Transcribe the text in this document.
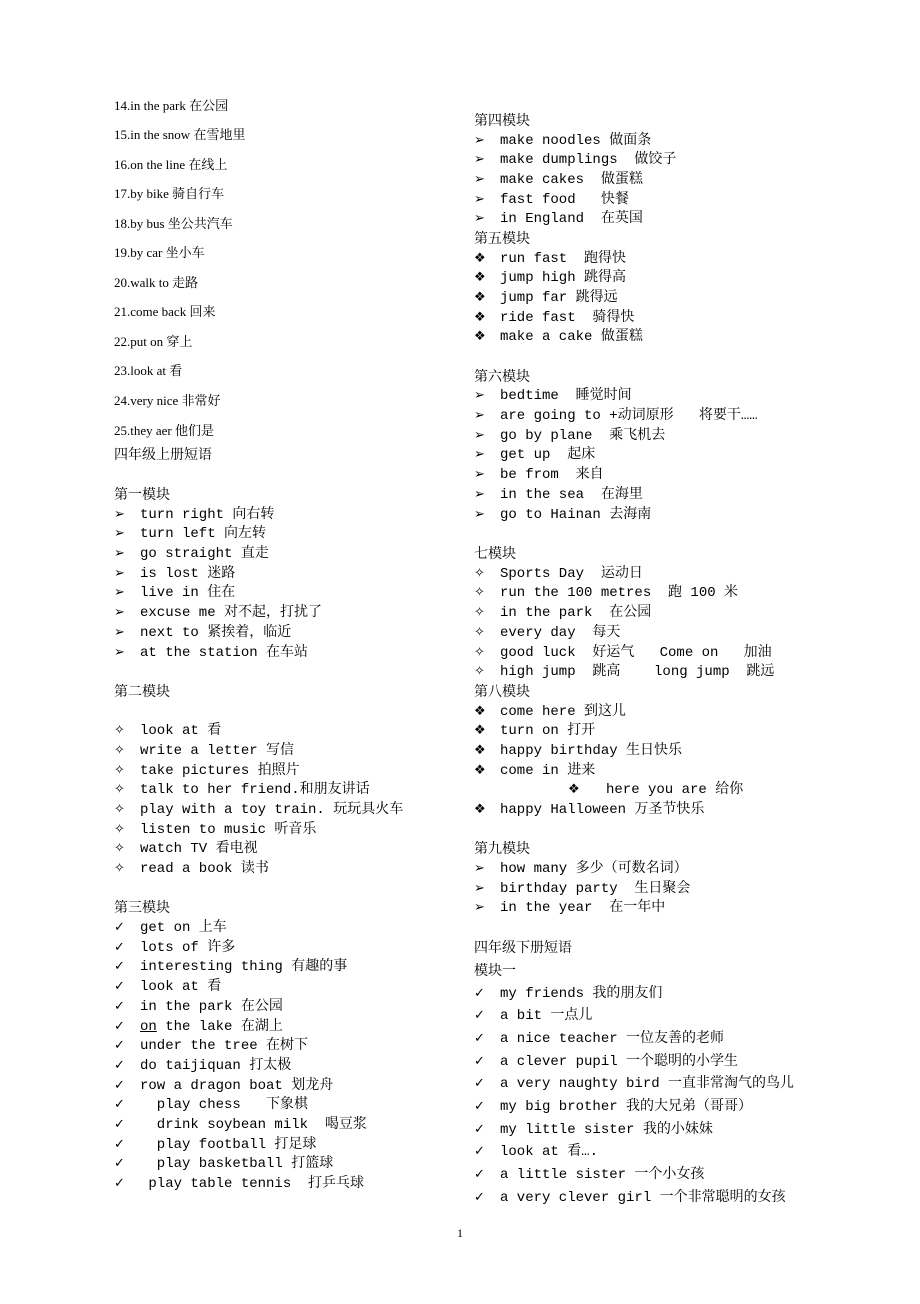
14.in the park 在公园
15.in the snow 在雪地里
16.on the line 在线上
17.by bike 骑自行车
18.by bus 坐公共汽车
19.by car 坐小车
20.walk to 走路
21.come back 回来
22.put on 穿上
23.look at 看
24.very nice 非常好
25.they aer 他们是
四年级上册短语
第一模块
➢ turn right 向右转
➢ turn left 向左转
➢ go straight 直走
➢ is lost 迷路
➢ live in 住在
➢ excuse me 对不起，打扰了
➢ next to 紧挨着，临近
➢ at the station 在车站
第二模块
✧ look at 看
✧ write a letter 写信
✧ take pictures 拍照片
✧ talk to her friend.和朋友讲话
✧ play with a toy train. 玩玩具火车
✧ listen to music 听音乐
✧ watch TV 看电视
✧ read a book 读书
第三模块
✓ get on 上车
✓ lots of 许多
✓ interesting thing 有趣的事
✓ look at 看
✓ in the park 在公园
✓ on the lake 在湖上
✓ under the tree 在树下
✓ do taijiquan 打太极
✓ row a dragon boat 划龙舟
✓  play chess   下象棋
✓  drink soybean milk  喝豆浆
✓  play football 打足球
✓  play basketball 打篮球
✓ play table tennis  打乒乓球
第四模块
➢ make noodles 做面条
➢ make dumplings  做饺子
➢ make cakes  做蛋糕
➢ fast food   快餐
➢ in England  在英国
第五模块
❖ run fast  跑得快
❖ jump high 跳得高
❖ jump far 跳得远
❖ ride fast  骑得快
❖ make a cake 做蛋糕
第六模块
➢ bedtime  睡觉时间
➢ are going to +动词原形   将要干……
➢ go by plane  乘飞机去
➢ get up  起床
➢ be from  来自
➢ in the sea  在海里
➢ go to Hainan 去海南
七模块
✧ Sports Day  运动日
✧ run the 100 metres  跑 100 米
✧ in the park  在公园
✧ every day  每天
✧ good luck  好运气   Come on   加油
✧ high jump  跳高    long jump  跳远
第八模块
❖ come here 到这儿
❖ turn on 打开
❖ happy birthday 生日快乐
❖ come in 进来
❖ here you are 给你
❖ happy Halloween 万圣节快乐
第九模块
➢ how many 多少（可数名词）
➢ birthday party  生日聚会
➢ in the year  在一年中
四年级下册短语
模块一
✓ my friends 我的朋友们
✓ a bit 一点儿
✓ a nice teacher 一位友善的老师
✓ a clever pupil 一个聪明的小学生
✓ a very naughty bird 一直非常淘气的鸟儿
✓ my big brother 我的大兄弟（哥哥）
✓ my little sister 我的小妹妹
✓ look at 看….
✓ a little sister 一个小女孩
✓ a very clever girl 一个非常聪明的女孩
1
